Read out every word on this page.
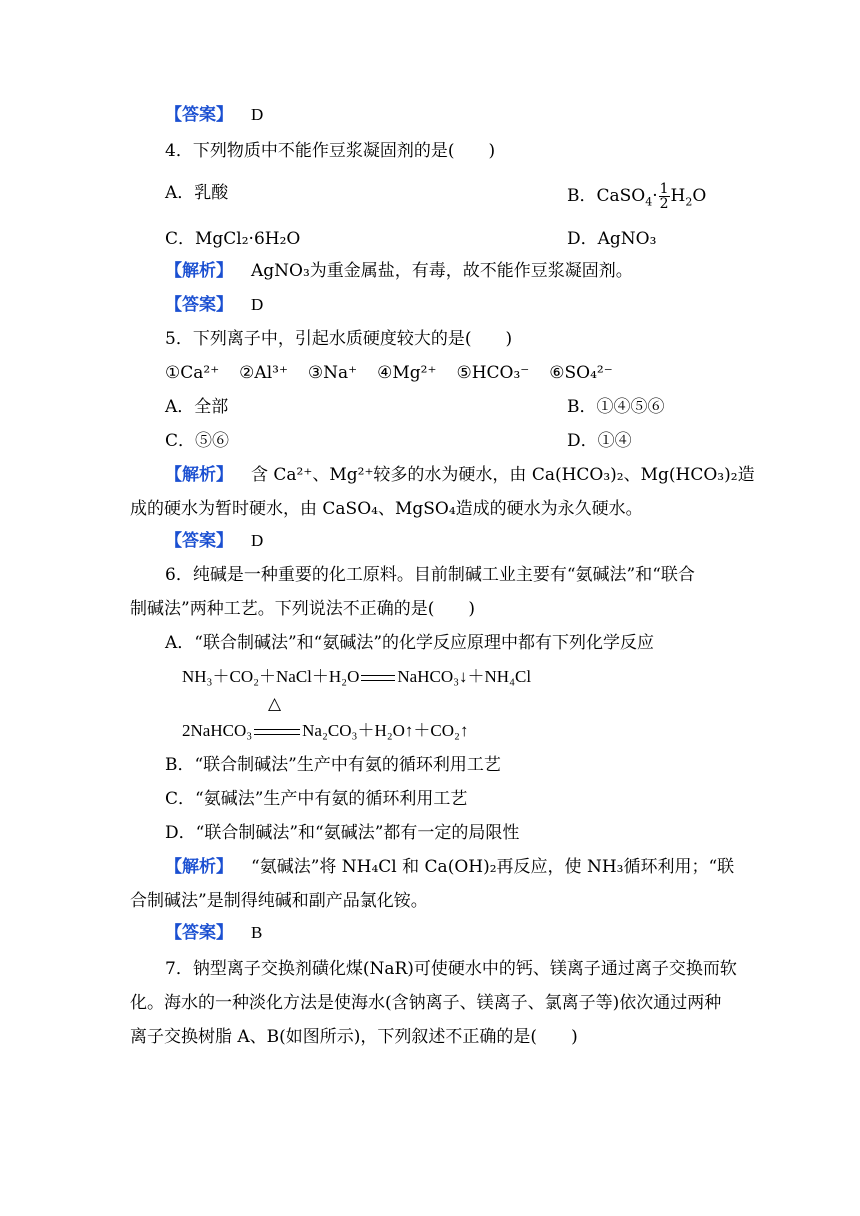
【答案】 D
4．下列物质中不能作豆浆凝固剂的是(　　)
A．乳酸	B．CaSO$_4$· $\frac{1}{2} H_2O$
C．MgCl₂·6H₂O	D．AgNO₃
【解析】 AgNO₃为重金属盐，有毒，故不能作豆浆凝固剂。
【答案】 D
5．下列离子中，引起水质硬度较大的是(　　)
①Ca²⁺ ②Al³⁺ ③Na⁺ ④Mg²⁺ ⑤HCO₃⁻ ⑥SO₄²⁻
A．全部	B．①④⑤⑥
C．⑤⑥	D．①④
【解析】 含 Ca²⁺、Mg²⁺较多的水为硬水，由 Ca(HCO₃)₂、Mg(HCO₃)₂造
成的硬水为暂时硬水，由 CaSO₄、MgSO₄造成的硬水为永久硬水。
【答案】 D
6．纯碱是一种重要的化工原料。目前制碱工业主要有“氨碱法”和“联合
制碱法”两种工艺。下列说法不正确的是(　　)
A．“联合制碱法”和“氨碱法”的化学反应原理中都有下列化学反应
NH₃＋CO₂＋NaCl＋H₂O NaHCO₃↓＋NH₄Cl
△
2NaHCO₃	Na₂CO₃＋H₂O↑＋CO₂↑
B．“联合制碱法”生产中有氨的循环利用工艺
C．“氨碱法”生产中有氨的循环利用工艺
D．“联合制碱法”和“氨碱法”都有一定的局限性
【解析】 “氨碱法”将 NH₄Cl 和 Ca(OH)₂再反应，使 NH₃循环利用；“联
合制碱法”是制得纯碱和副产品氯化铵。
【答案】 B
7．钠型离子交换剂磺化煤(NaR)可使硬水中的钙、镁离子通过离子交换而软
化。海水的一种淡化方法是使海水(含钠离子、镁离子、氯离子等)依次通过两种
离子交换树脂 A、B(如图所示)，下列叙述不正确的是(　　)
